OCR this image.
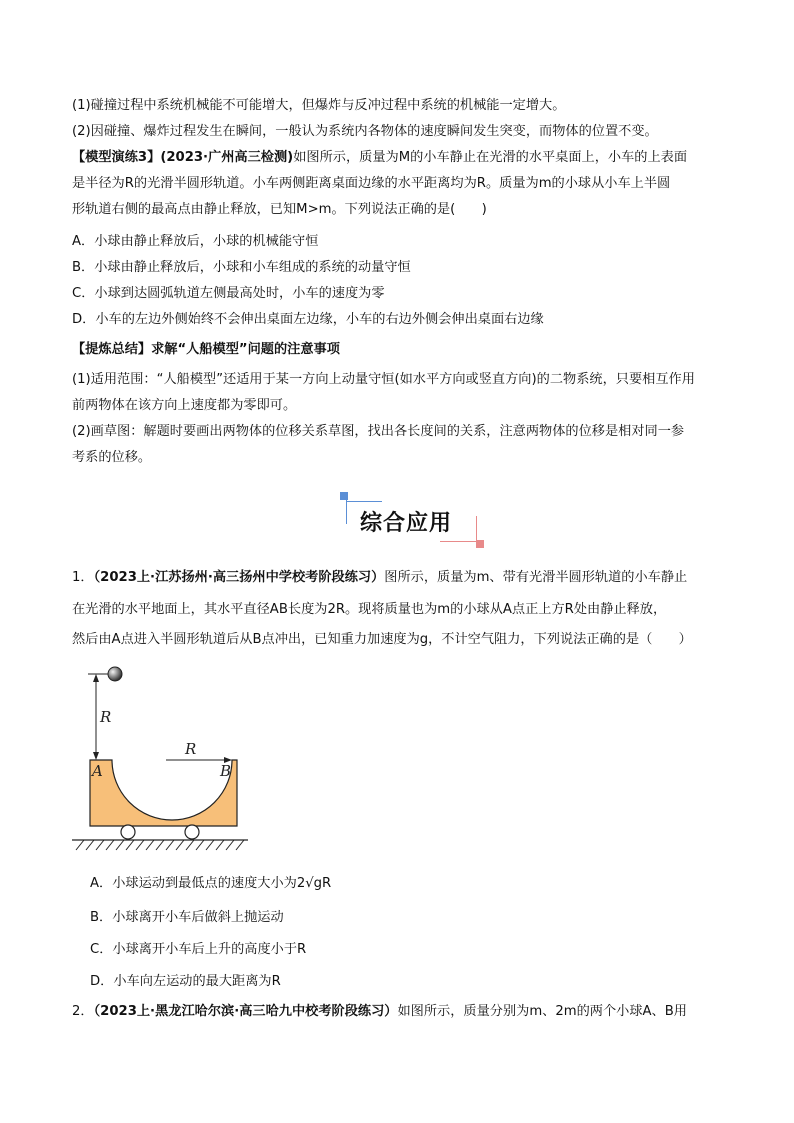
(1)碰撞过程中系统机械能不可能增大，但爆炸与反冲过程中系统的机械能一定增大。
(2)因碰撞、爆炸过程发生在瞬间，一般认为系统内各物体的速度瞬间发生突变，而物体的位置不变。
【模型演练3】(2023·广州高三检测)如图所示，质量为M的小车静止在光滑的水平桌面上，小车的上表面
是半径为R的光滑半圆形轨道。小车两侧距离桌面边缘的水平距离均为R。质量为m的小球从小车上半圆
形轨道右侧的最高点由静止释放，已知M>m。下列说法正确的是(　　)
A．小球由静止释放后，小球的机械能守恒
B．小球由静止释放后，小球和小车组成的系统的动量守恒
C．小球到达圆弧轨道左侧最高处时，小车的速度为零
D．小车的左边外侧始终不会伸出桌面左边缘，小车的右边外侧会伸出桌面右边缘
【提炼总结】求解“人船模型”问题的注意事项
(1)适用范围：“人船模型”还适用于某一方向上动量守恒(如水平方向或竖直方向)的二物系统，只要相互作用
前两物体在该方向上速度都为零即可。
(2)画草图：解题时要画出两物体的位移关系草图，找出各长度间的关系，注意两物体的位移是相对同一参
考系的位移。
综合应用
1．（2023上·江苏扬州·高三扬州中学校考阶段练习）图所示，质量为m、带有光滑半圆形轨道的小车静止
在光滑的水平地面上，其水平直径AB长度为2R。现将质量也为m的小球从A点正上方R处由静止释放，
然后由A点进入半圆形轨道后从B点冲出，已知重力加速度为g，不计空气阻力，下列说法正确的是（　　）
R
R
A	B
A．小球运动到最低点的速度大小为2√gR
B．小球离开小车后做斜上抛运动
C．小球离开小车后上升的高度小于R
D．小车向左运动的最大距离为R
2．（2023上·黑龙江哈尔滨·高三哈九中校考阶段练习）如图所示，质量分别为m、2m的两个小球A、B用
